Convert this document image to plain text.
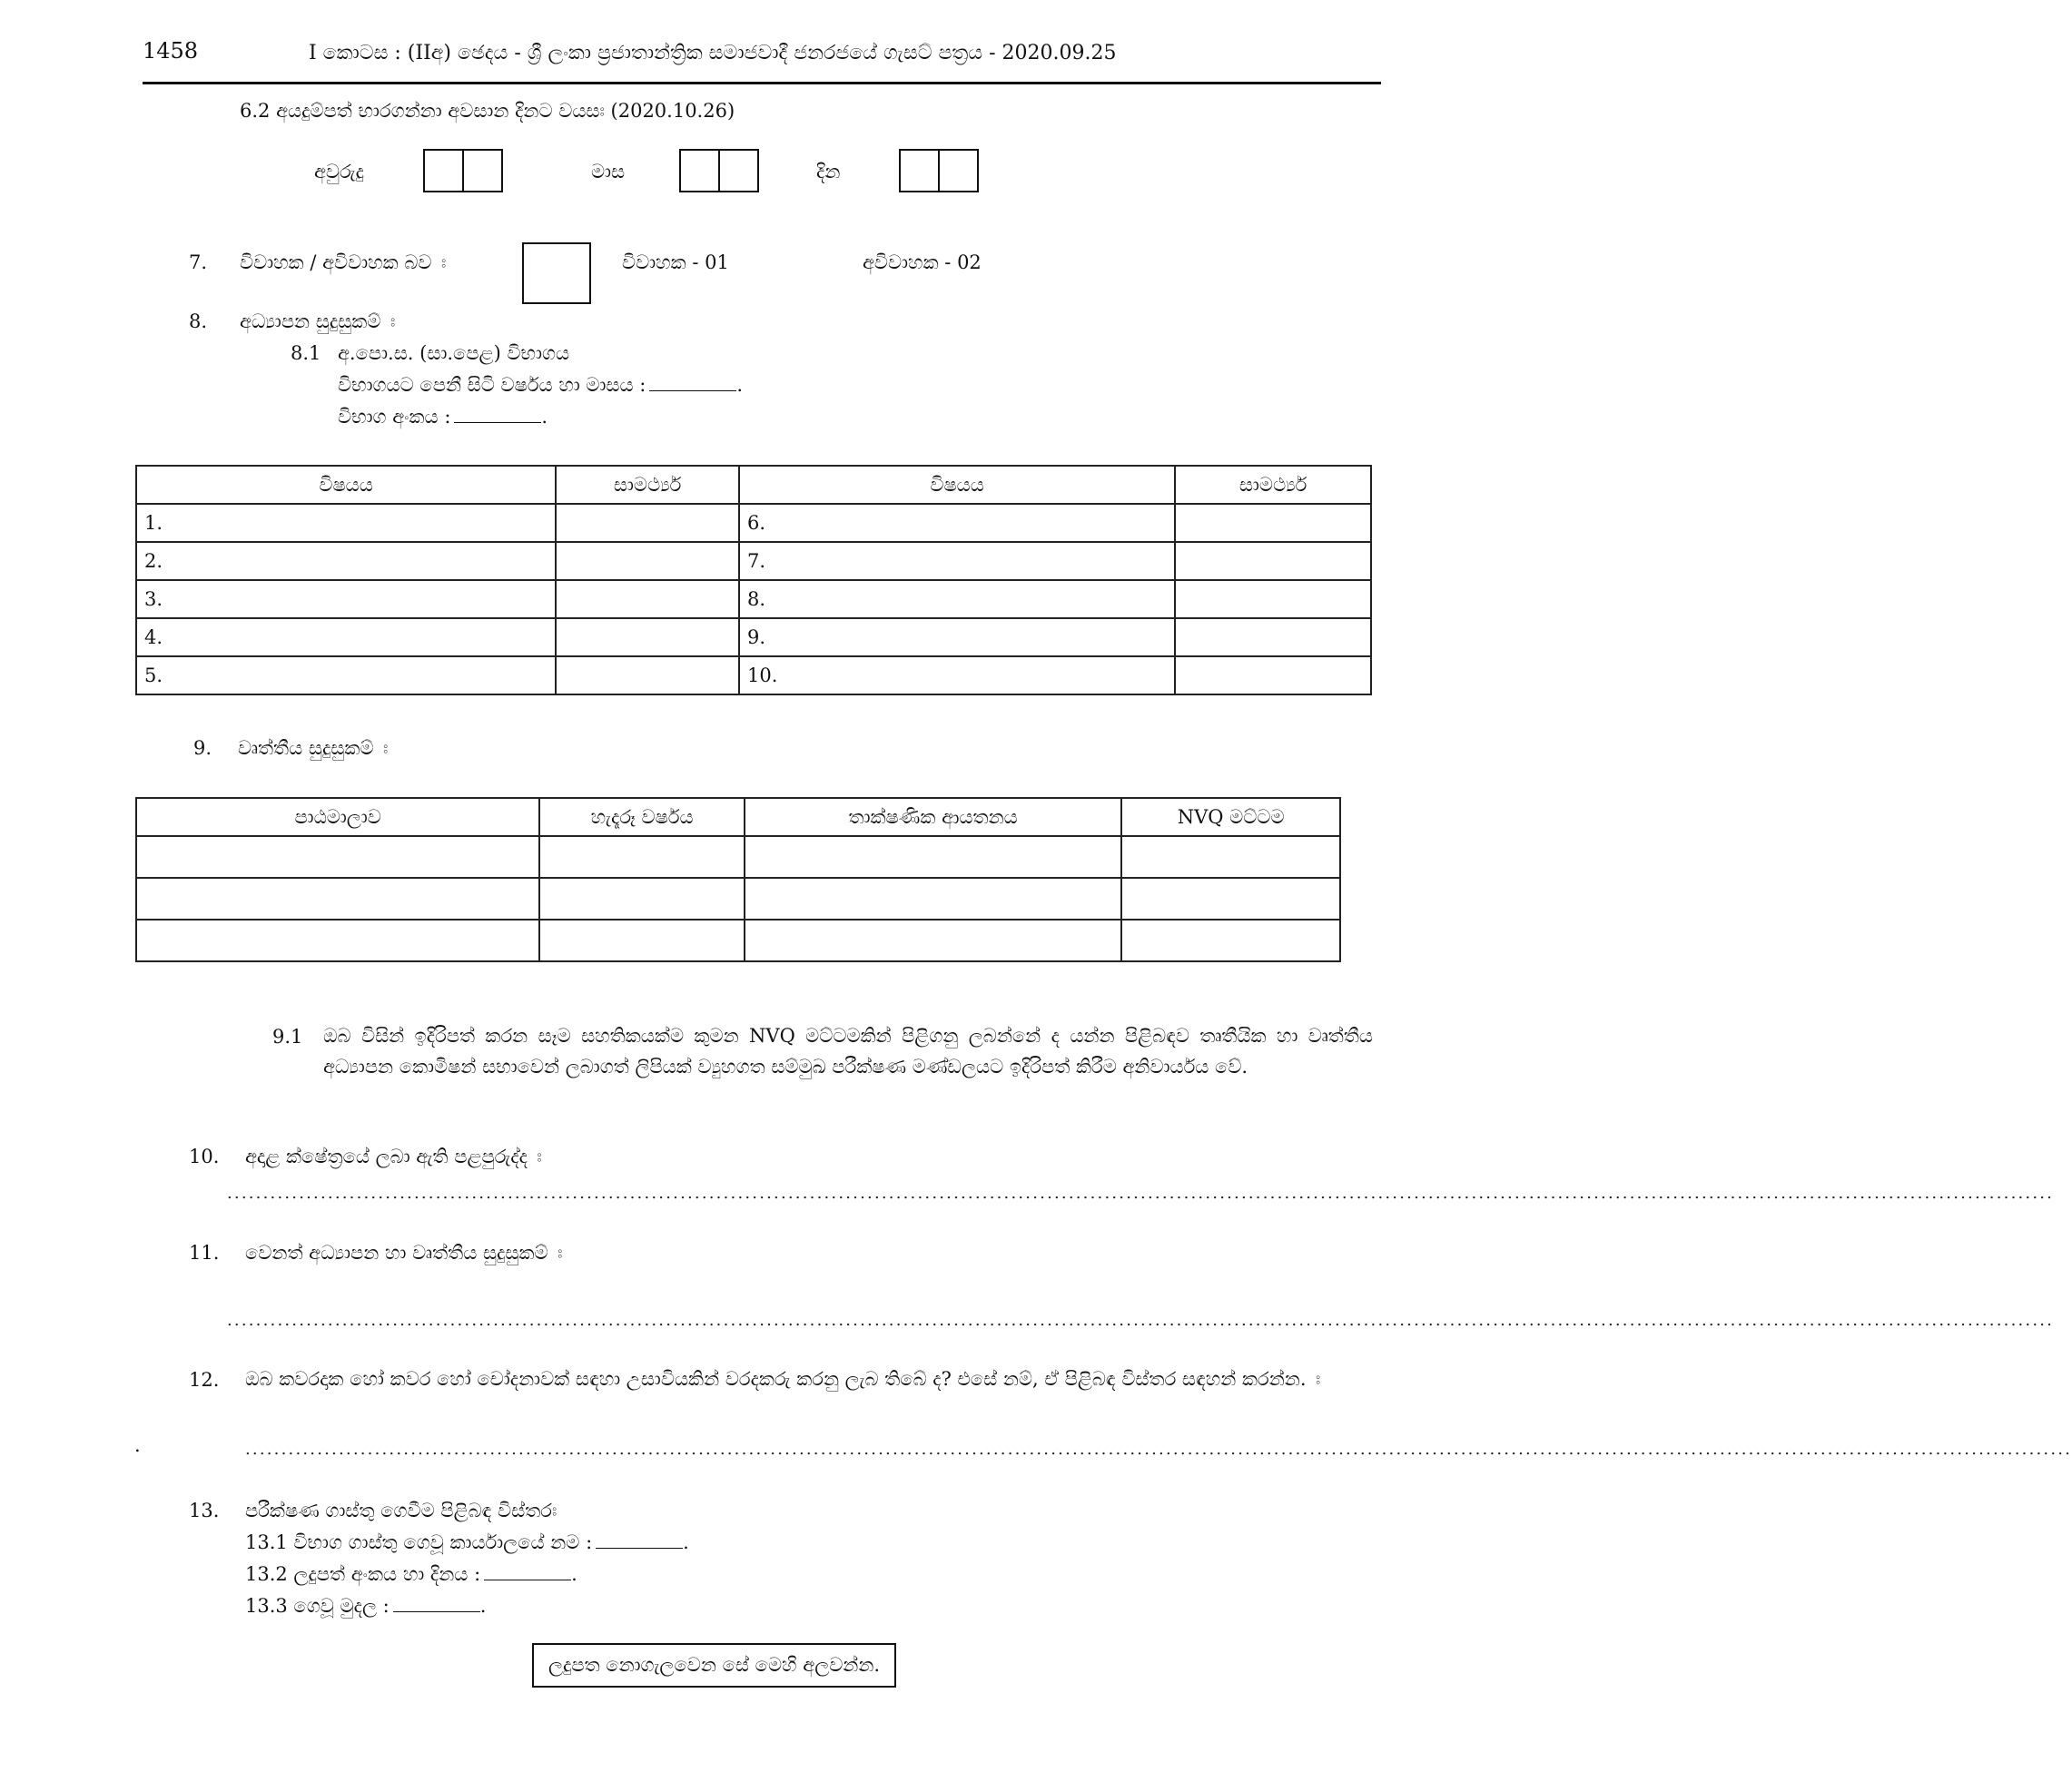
1458	I කොටස : (IIඅ) ඡෙදය - ශ්‍රී ලංකා ප්‍රජාතාන්ත්‍රික සමාජවාදී ජනරජයේ ගැසට් පත්‍රය - 2020.09.25
6.2 අයදුම්පත් භාරගන්නා අවසාන දිනට වයසඃ (2020.10.26)
අවුරුදු	මාස	දින
7. විවාහක / අවිවාහක බව ඃ	විවාහක - 01	අවිවාහක - 02
8. අධ්‍යාපන සුදුසුකම් ඃ
8.1 අ.පො.ස. (සා.පෙළ) විභාගය
විභාගයට පෙනී සිටි වර්ෂය හා මාසය :	.
විභාග අංකය :	.
විෂයය	සාමර්ථ්‍ය	විෂයය	සාමර්ථ්‍ය
1.		6.	
2.		7.	
3.		8.	
4.		9.	
5.		10.	
9. වෘත්තීය සුදුසුකම් ඃ
පාඨමාලාව	හැදෑරූ වර්ෂය	තාක්ෂණික ආයතනය	NVQ මට්ටම

9.1 ඔබ විසින් ඉදිරිපත් කරන සෑම සහතිකයක්ම කුමන NVQ මට්ටමකින් පිළිගනු ලබන්නේ ද යන්න පිළිබඳව තෘතීයික හා වෘත්තීය අධ්‍යාපන කොමිෂන් සභාවෙන් ලබාගත් ලිපියක් ව්‍යුහගත සම්මුඛ පරීක්ෂණ මණ්ඩලයට ඉදිරිපත් කිරීම අනිවාර්යය වේ.
10. අදාළ ක්ෂේත්‍රයේ ලබා ඇති පළපුරුද්ද ඃ
..............................................................................................................................................................................................................................................................
11. වෙනත් අධ්‍යාපන හා වෘත්තීය සුදුසුකම් ඃ
..............................................................................................................................................................................................................................................................
12. ඔබ කවරදාක හෝ කවර හෝ චෝදනාවක් සඳහා උසාවියකින් වරදකරු කරනු ලැබ තිබේ ද? එසේ නම්, ඒ පිළිබඳ විස්තර සඳහන් කරන්න. ඃ
.	..............................................................................................................................................................................................................................................................
13. පරීක්ෂණ ගාස්තු ගෙවීම පිළිබඳ විස්තරඃ
13.1 විභාග ගාස්තු ගෙවූ කාර්යාලයේ නම :	.
13.2 ලදුපත් අංකය හා දිනය :	.
13.3 ගෙවූ මුදල :	.
ලදුපත නොගැලවෙන සේ මෙහි අලවන්න.
